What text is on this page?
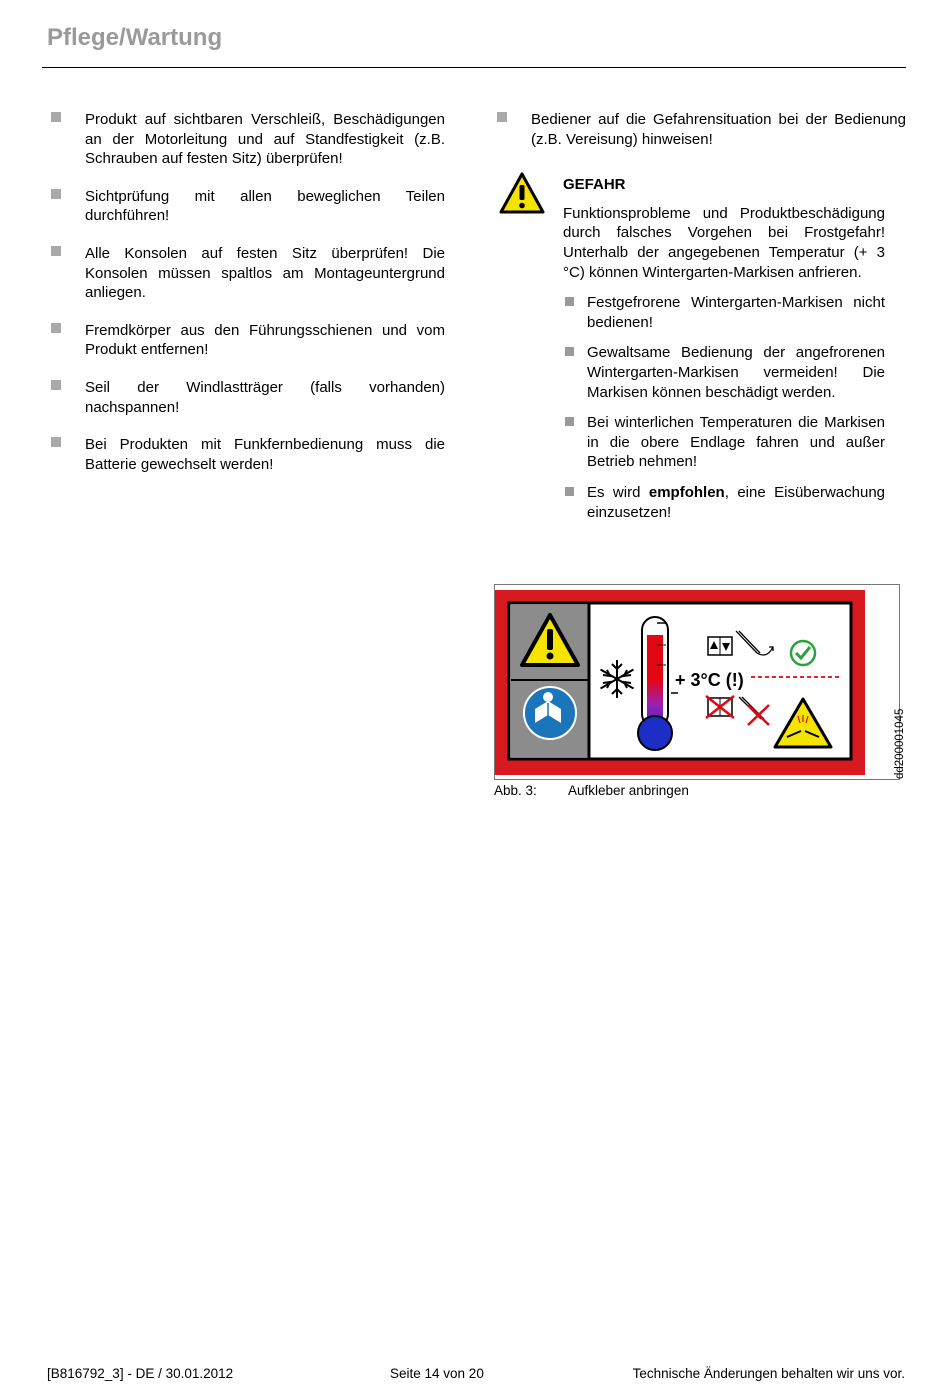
Pflege/Wartung
Produkt auf sichtbaren Verschleiß, Beschädigungen an der Motorleitung und auf Standfestigkeit (z.B. Schrauben auf festen Sitz) überprüfen!
Sichtprüfung mit allen beweglichen Teilen durchführen!
Alle Konsolen auf festen Sitz überprüfen! Die Konsolen müssen spaltlos am Montageuntergrund anliegen.
Fremdkörper aus den Führungsschienen und vom Produkt entfernen!
Seil der Windlastträger (falls vorhanden) nachspannen!
Bei Produkten mit Funkfernbedienung muss die Batterie gewechselt werden!
Bediener auf die Gefahrensituation bei der Bedienung (z.B. Vereisung) hinweisen!
GEFAHR
Funktionsprobleme und Produktbeschädigung durch falsches Vorgehen bei Frostgefahr! Unterhalb der angegebenen Temperatur (+ 3 °C) können Wintergarten-Markisen anfrieren.
Festgefrorene Wintergarten-Markisen nicht bedienen!
Gewaltsame Bedienung der angefrorenen Wintergarten-Markisen vermeiden! Die Markisen können beschädigt werden.
Bei winterlichen Temperaturen die Markisen in die obere Endlage fahren und außer Betrieb nehmen!
Es wird empfohlen, eine Eisüberwachung einzusetzen!
+ 3°C (!)
dd200001045
Abb. 3: Aufkleber anbringen
[B816792_3] - DE / 30.01.2012	Seite 14 von 20	Technische Änderungen behalten wir uns vor.
